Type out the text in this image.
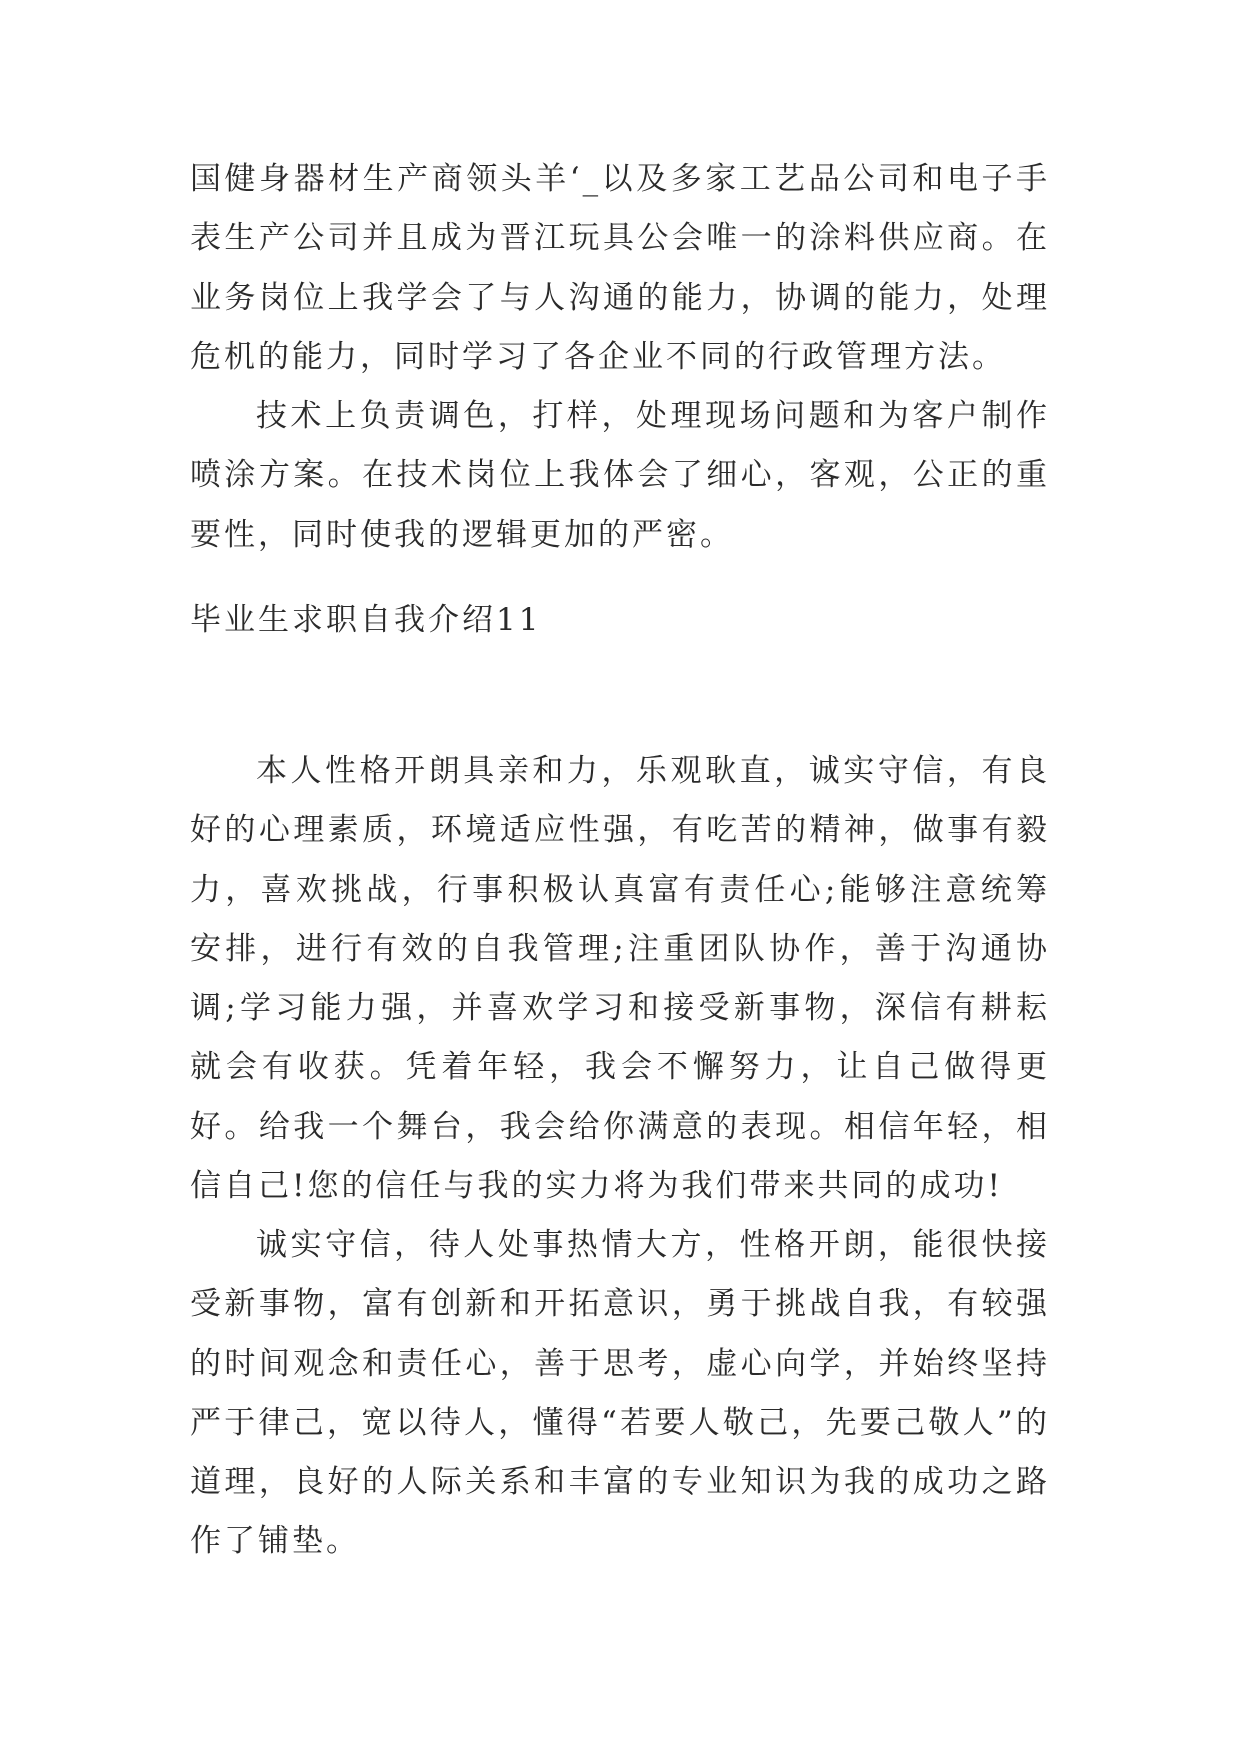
国健身器材生产商领头羊‘_以及多家工艺品公司和电子手表生产公司并且成为晋江玩具公会唯一的涂料供应商。在业务岗位上我学会了与人沟通的能力，协调的能力，处理危机的能力，同时学习了各企业不同的行政管理方法。

技术上负责调色，打样，处理现场问题和为客户制作喷涂方案。在技术岗位上我体会了细心，客观，公正的重要性，同时使我的逻辑更加的严密。

毕业生求职自我介绍11

本人性格开朗具亲和力，乐观耿直，诚实守信，有良好的心理素质，环境适应性强，有吃苦的精神，做事有毅力，喜欢挑战，行事积极认真富有责任心;能够注意统筹安排，进行有效的自我管理;注重团队协作，善于沟通协调;学习能力强，并喜欢学习和接受新事物，深信有耕耘就会有收获。凭着年轻，我会不懈努力，让自己做得更好。给我一个舞台，我会给你满意的表现。相信年轻，相信自己!您的信任与我的实力将为我们带来共同的成功!

诚实守信，待人处事热情大方，性格开朗，能很快接受新事物，富有创新和开拓意识，勇于挑战自我，有较强的时间观念和责任心，善于思考，虚心向学，并始终坚持严于律己，宽以待人，懂得“若要人敬己，先要己敬人”的道理，良好的人际关系和丰富的专业知识为我的成功之路作了铺垫。
